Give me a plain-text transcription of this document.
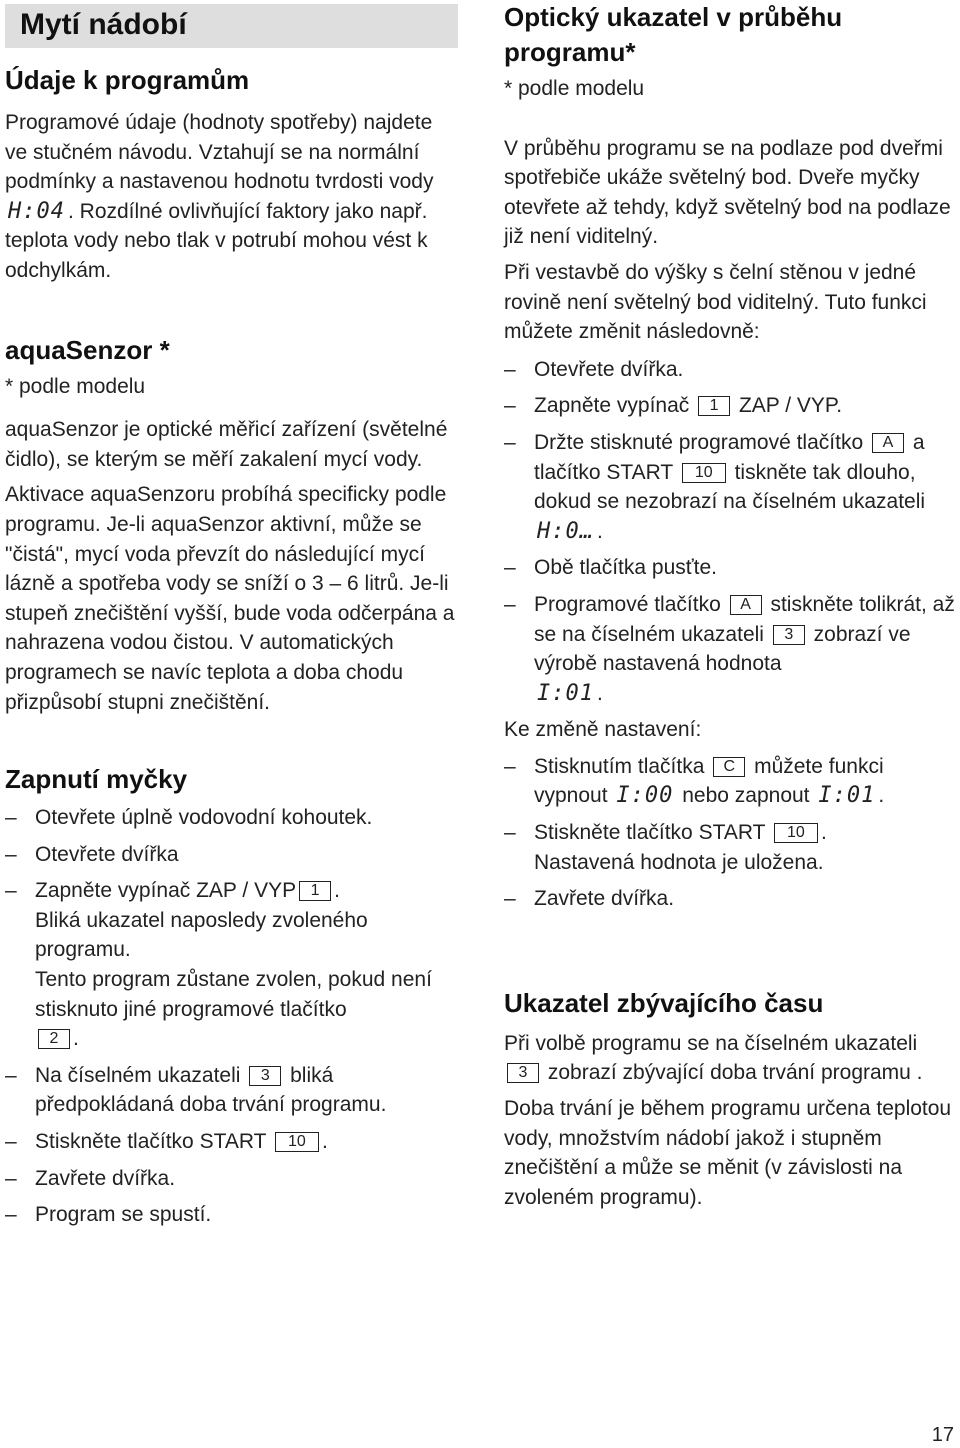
Mytí nádobí
Údaje k programům

Programové údaje (hodnoty spotřeby) najdete ve stučném návodu. Vztahují se na normální podmínky a nastavenou hodnotu tvrdosti vody H:04 . Rozdílné ovlivňující faktory jako např. teplota vody nebo tlak v potrubí mohou vést k odchylkám.

aquaSenzor *

* podle modelu

aquaSenzor je optické měřicí zařízení (světelné čidlo), se kterým se měří zakalení mycí vody.

Aktivace aquaSenzoru probíhá specificky podle programu. Je-li aquaSenzor aktivní, může se "čistá", mycí voda převzít do následující mycí lázně a spotřeba vody se sníží o 3 – 6 litrů. Je-li stupeň znečištění vyšší, bude voda odčerpána a nahrazena vodou čistou. V automatických programech se navíc teplota a doba chodu přizpůsobí stupni znečištění.

Zapnutí myčky
– Otevřete úplně vodovodní kohoutek.
– Otevřete dvířka
– Zapněte vypínač ZAP / VYP 1 .
Bliká ukazatel naposledy zvoleného programu.
Tento program zůstane zvolen, pokud není stisknuto jiné programové tlačítko
2 .
– Na číselném ukazateli 3 bliká předpokládaná doba trvání programu.
– Stiskněte tlačítko START 10 .
– Zavřete dvířka.
– Program se spustí.
Optický ukazatel v průběhu programu*

* podle modelu

V průběhu programu se na podlaze pod dveřmi spotřebiče ukáže světelný bod. Dveře myčky otevřete až tehdy, když světelný bod na podlaze již není viditelný.

Při vestavbě do výšky s čelní stěnou v jedné rovině není světelný bod viditelný. Tuto funkci můžete změnit následovně:

– Otevřete dvířka.
– Zapněte vypínač 1 ZAP / VYP.
– Držte stisknuté programové tlačítko A a tlačítko START 10 tiskněte tak dlouho, dokud se nezobrazí na číselném ukazateli H:0… .
– Obě tlačítka pusťte.
– Programové tlačítko A stiskněte tolikrát, až se na číselném ukazateli 3 zobrazí ve výrobě nastavená hodnota
I:01 .

Ke změně nastavení:

– Stisknutím tlačítka C můžete funkci vypnout I:00 nebo zapnout I:01 .
– Stiskněte tlačítko START 10 .
Nastavená hodnota je uložena.
– Zavřete dvířka.
Ukazatel zbývajícího času

Při volbě programu se na číselném ukazateli 3 zobrazí zbývající doba trvání programu .

Doba trvání je během programu určena teplotou vody, množstvím nádobí jakož i stupněm znečištění a může se měnit (v závislosti na zvoleném programu).

17
